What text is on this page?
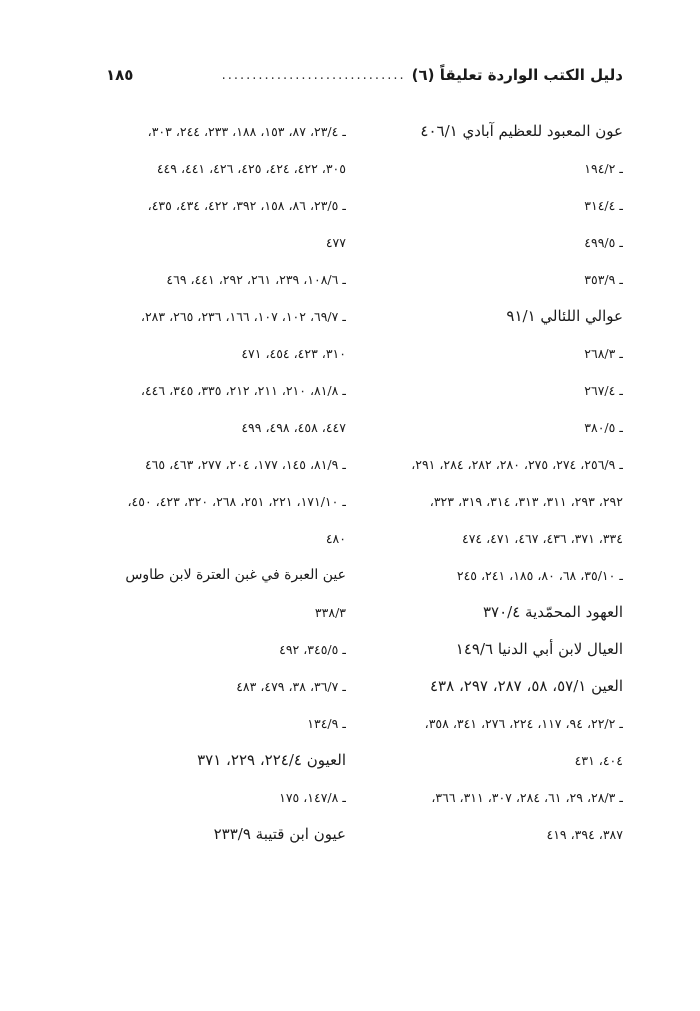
دليل الكتب الواردة تعليقاً (٦)
..............................
١٨٥
عون المعبود للعظيم آبادي ٤٠٦/١
ـ ١٩٤/٢
ـ ٣١٤/٤
ـ ٤٩٩/٥
ـ ٣٥٣/٩
عوالي اللئالي ٩١/١
ـ ٢٦٨/٣
ـ ٢٦٧/٤
ـ ٣٨٠/٥
ـ ٢٥٦/٩، ٢٧٤، ٢٧٥، ٢٨٠، ٢٨٢، ٢٨٤، ٢٩١،
٢٩٢، ٢٩٣، ٣١١، ٣١٣، ٣١٤، ٣١٩، ٣٢٣،
٣٣٤، ٣٧١، ٤٣٦، ٤٦٧، ٤٧١، ٤٧٤
ـ ٣٥/١٠، ٦٨، ٨٠، ١٨٥، ٢٤١، ٢٤٥
العهود المحمّدية ٣٧٠/٤
العيال لابن أبي الدنيا ١٤٩/٦
العين ٥٧/١، ٥٨، ٢٨٧، ٢٩٧، ٤٣٨
ـ ٢٢/٢، ٩٤، ١١٧، ٢٢٤، ٢٧٦، ٣٤١، ٣٥٨،
٤٠٤، ٤٣١
ـ ٢٨/٣، ٢٩، ٦١، ٢٨٤، ٣٠٧، ٣١١، ٣٦٦،
٣٨٧، ٣٩٤، ٤١٩
ـ ٢٣/٤، ٨٧، ١٥٣، ١٨٨، ٢٣٣، ٢٤٤، ٣٠٣،
٣٠٥، ٤٢٢، ٤٢٤، ٤٢٥، ٤٢٦، ٤٤١، ٤٤٩
ـ ٢٣/٥، ٨٦، ١٥٨، ٣٩٢، ٤٢٢، ٤٣٤، ٤٣٥،
٤٧٧
ـ ١٠٨/٦، ٢٣٩، ٢٦١، ٢٩٢، ٤٤١، ٤٦٩
ـ ٦٩/٧، ١٠٢، ١٠٧، ١٦٦، ٢٣٦، ٢٦٥، ٢٨٣،
٣١٠، ٤٢٣، ٤٥٤، ٤٧١
ـ ٨١/٨، ٢١٠، ٢١١، ٢١٢، ٣٣٥، ٣٤٥، ٤٤٦،
٤٤٧، ٤٥٨، ٤٩٨، ٤٩٩
ـ ٨١/٩، ١٤٥، ١٧٧، ٢٠٤، ٢٧٧، ٤٦٣، ٤٦٥
ـ ١٧١/١٠، ٢٢١، ٢٥١، ٢٦٨، ٣٢٠، ٤٢٣، ٤٥٠،
٤٨٠
عين العبرة في غبن العترة لابن طاوس
٣٣٨/٣
ـ ٣٤٥/٥، ٤٩٢
ـ ٣٦/٧، ٣٨، ٤٧٩، ٤٨٣
ـ ١٣٤/٩
العيون ٢٢٤/٤، ٢٢٩، ٣٧١
ـ ١٤٧/٨، ١٧٥
عيون ابن قتيبة ٢٣٣/٩
